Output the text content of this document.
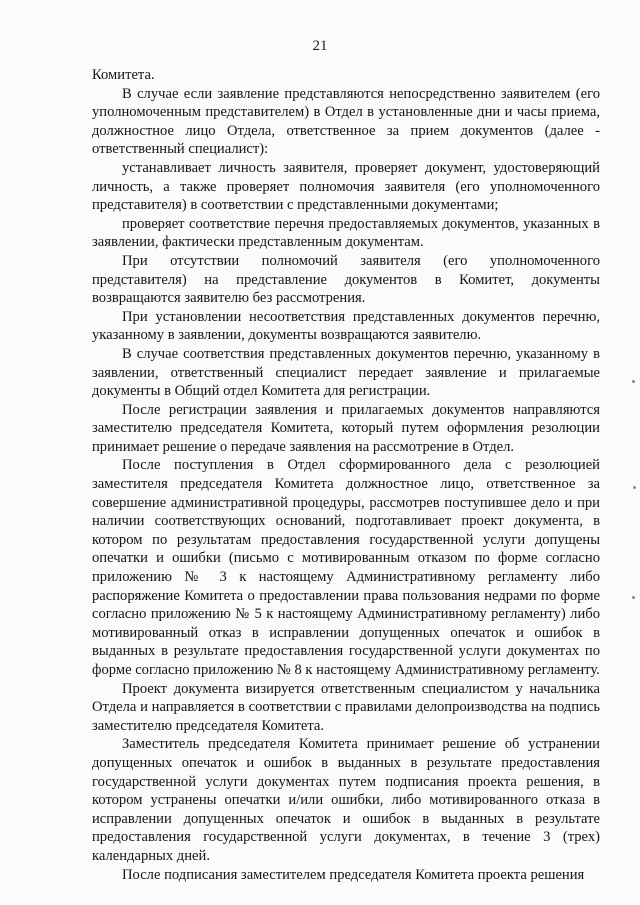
21

Комитета.

В случае если заявление представляются непосредственно заявителем (его уполномоченным представителем) в Отдел в установленные дни и часы приема, должностное лицо Отдела, ответственное за прием документов (далее - ответственный специалист):

устанавливает личность заявителя, проверяет документ, удостоверяющий личность, а также проверяет полномочия заявителя (его уполномоченного представителя) в соответствии с представленными документами;

проверяет соответствие перечня предоставляемых документов, указанных в заявлении, фактически представленным документам.

При отсутствии полномочий заявителя (его уполномоченного представителя) на представление документов в Комитет, документы возвращаются заявителю без рассмотрения.

При установлении несоответствия представленных документов перечню, указанному в заявлении, документы возвращаются заявителю.

В случае соответствия представленных документов перечню, указанному в заявлении, ответственный специалист передает заявление и прилагаемые документы в Общий отдел Комитета для регистрации.

После регистрации заявления и прилагаемых документов направляются заместителю председателя Комитета, который путем оформления резолюции принимает решение о передаче заявления на рассмотрение в Отдел.

После поступления в Отдел сформированного дела с резолюцией заместителя председателя Комитета должностное лицо, ответственное за совершение административной процедуры, рассмотрев поступившее дело и при наличии соответствующих оснований, подготавливает проект документа, в котором по результатам предоставления государственной услуги допущены опечатки и ошибки (письмо с мотивированным отказом по форме согласно приложению № 3 к настоящему Административному регламенту либо распоряжение Комитета о предоставлении права пользования недрами по форме согласно приложению № 5 к настоящему Административному регламенту) либо мотивированный отказ в исправлении допущенных опечаток и ошибок в выданных в результате предоставления государственной услуги документах по форме согласно приложению № 8 к настоящему Административному регламенту.

Проект документа визируется ответственным специалистом у начальника Отдела и направляется в соответствии с правилами делопроизводства на подпись заместителю председателя Комитета.

Заместитель председателя Комитета принимает решение об устранении допущенных опечаток и ошибок в выданных в результате предоставления государственной услуги документах путем подписания проекта решения, в котором устранены опечатки и/или ошибки, либо мотивированного отказа в исправлении допущенных опечаток и ошибок в выданных в результате предоставления государственной услуги документах, в течение 3 (трех) календарных дней.

После подписания заместителем председателя Комитета проекта решения
